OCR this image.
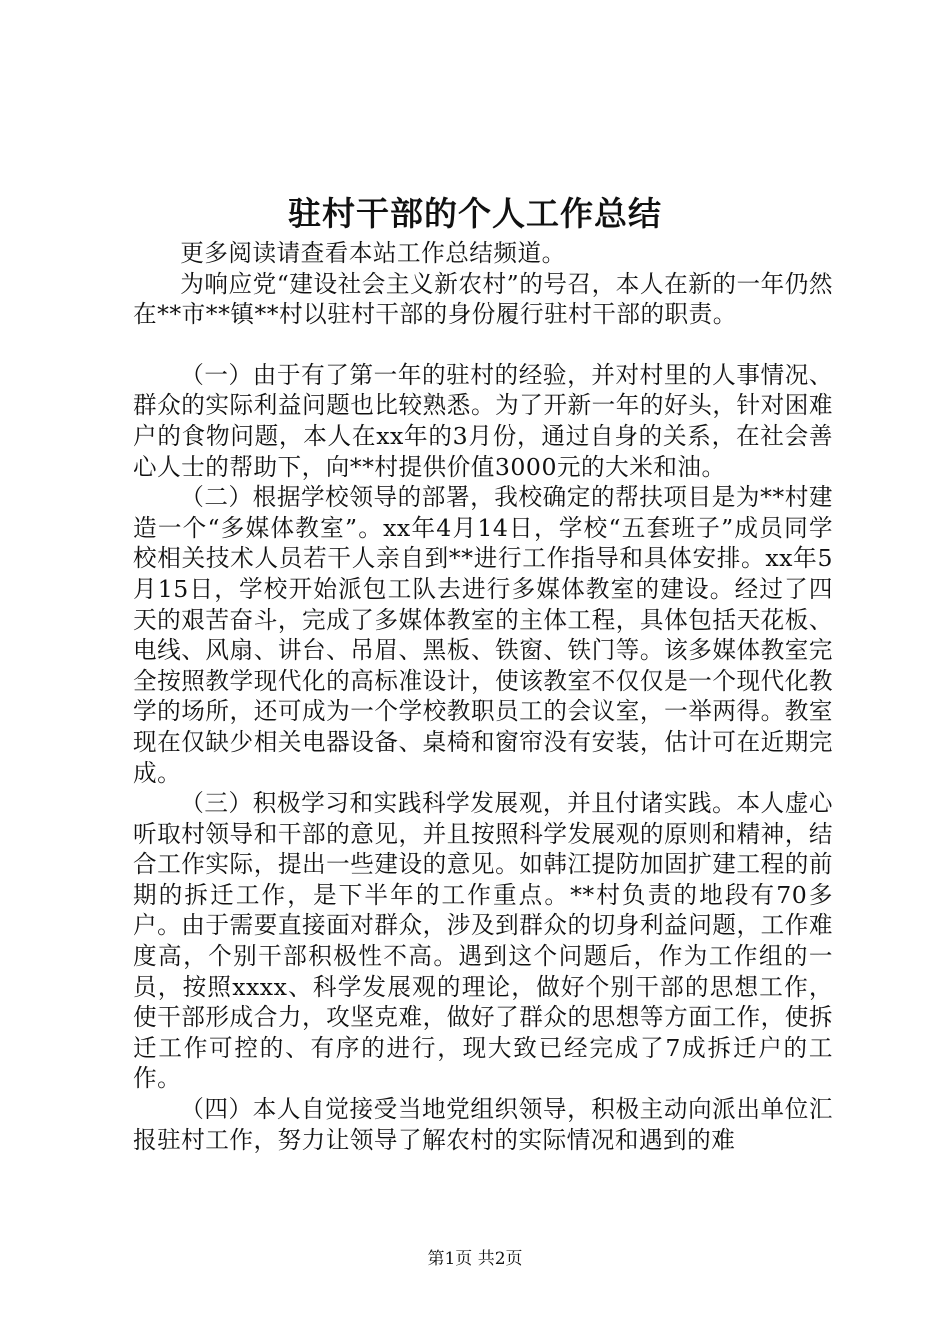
驻村干部的个人工作总结

更多阅读请查看本站工作总结频道。

为响应党“建设社会主义新农村”的号召，本人在新的一年仍然在**市**镇**村以驻村干部的身份履行驻村干部的职责。

（一）由于有了第一年的驻村的经验，并对村里的人事情况、群众的实际利益问题也比较熟悉。为了开新一年的好头，针对困难户的食物问题，本人在xx年的3月份，通过自身的关系，在社会善心人士的帮助下，向**村提供价值3000元的大米和油。

（二）根据学校领导的部署，我校确定的帮扶项目是为**村建造一个“多媒体教室”。xx年4月14日，学校“五套班子”成员同学校相关技术人员若干人亲自到**进行工作指导和具体安排。xx年5月15日，学校开始派包工队去进行多媒体教室的建设。经过了四天的艰苦奋斗，完成了多媒体教室的主体工程，具体包括天花板、电线、风扇、讲台、吊眉、黑板、铁窗、铁门等。该多媒体教室完全按照教学现代化的高标准设计，使该教室不仅仅是一个现代化教学的场所，还可成为一个学校教职员工的会议室，一举两得。教室现在仅缺少相关电器设备、桌椅和窗帘没有安装，估计可在近期完成。

（三）积极学习和实践科学发展观，并且付诸实践。本人虚心听取村领导和干部的意见，并且按照科学发展观的原则和精神，结合工作实际，提出一些建设的意见。如韩江提防加固扩建工程的前期的拆迁工作，是下半年的工作重点。**村负责的地段有70多户。由于需要直接面对群众，涉及到群众的切身利益问题，工作难度高，个别干部积极性不高。遇到这个问题后，作为工作组的一员，按照xxxx、科学发展观的理论，做好个别干部的思想工作，使干部形成合力，攻坚克难，做好了群众的思想等方面工作，使拆迁工作可控的、有序的进行，现大致已经完成了7成拆迁户的工作。

（四）本人自觉接受当地党组织领导，积极主动向派出单位汇报驻村工作，努力让领导了解农村的实际情况和遇到的难

第1页 共2页
